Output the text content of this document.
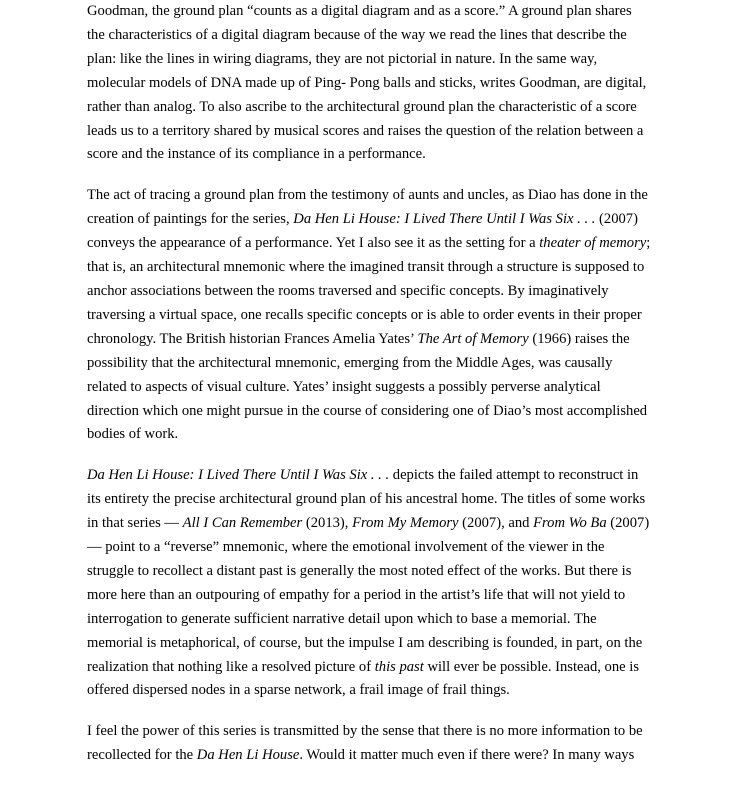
Goodman, the ground plan “counts as a digital diagram and as a score.” A ground plan shares the characteristics of a digital diagram because of the way we read the lines that describe the plan: like the lines in wiring diagrams, they are not pictorial in nature. In the same way, molecular models of DNA made up of Ping- Pong balls and sticks, writes Goodman, are digital, rather than analog. To also ascribe to the architectural ground plan the characteristic of a score leads us to a territory shared by musical scores and raises the question of the relation between a score and the instance of its compliance in a performance.

The act of tracing a ground plan from the testimony of aunts and uncles, as Diao has done in the creation of paintings for the series, Da Hen Li House: I Lived There Until I Was Six . . . (2007) conveys the appearance of a performance. Yet I also see it as the setting for a theater of memory; that is, an architectural mnemonic where the imagined transit through a structure is supposed to anchor associations between the rooms traversed and specific concepts. By imaginatively traversing a virtual space, one recalls specific concepts or is able to order events in their proper chronology. The British historian Frances Amelia Yates’ The Art of Memory (1966) raises the possibility that the architectural mnemonic, emerging from the Middle Ages, was causally related to aspects of visual culture. Yates’ insight suggests a possibly perverse analytical direction which one might pursue in the course of considering one of Diao’s most accomplished bodies of work.

Da Hen Li House: I Lived There Until I Was Six . . . depicts the failed attempt to reconstruct in its entirety the precise architectural ground plan of his ancestral home. The titles of some works in that series — All I Can Remember (2013), From My Memory (2007), and From Wo Ba (2007) — point to a “reverse” mnemonic, where the emotional involvement of the viewer in the struggle to recollect a distant past is generally the most noted effect of the works. But there is more here than an outpouring of empathy for a period in the artist’s life that will not yield to interrogation to generate sufficient narrative detail upon which to base a memorial. The memorial is metaphorical, of course, but the impulse I am describing is founded, in part, on the realization that nothing like a resolved picture of this past will ever be possible. Instead, one is offered dispersed nodes in a sparse network, a frail image of frail things.

I feel the power of this series is transmitted by the sense that there is no more information to be recollected for the Da Hen Li House. Would it matter much even if there were? In many ways
